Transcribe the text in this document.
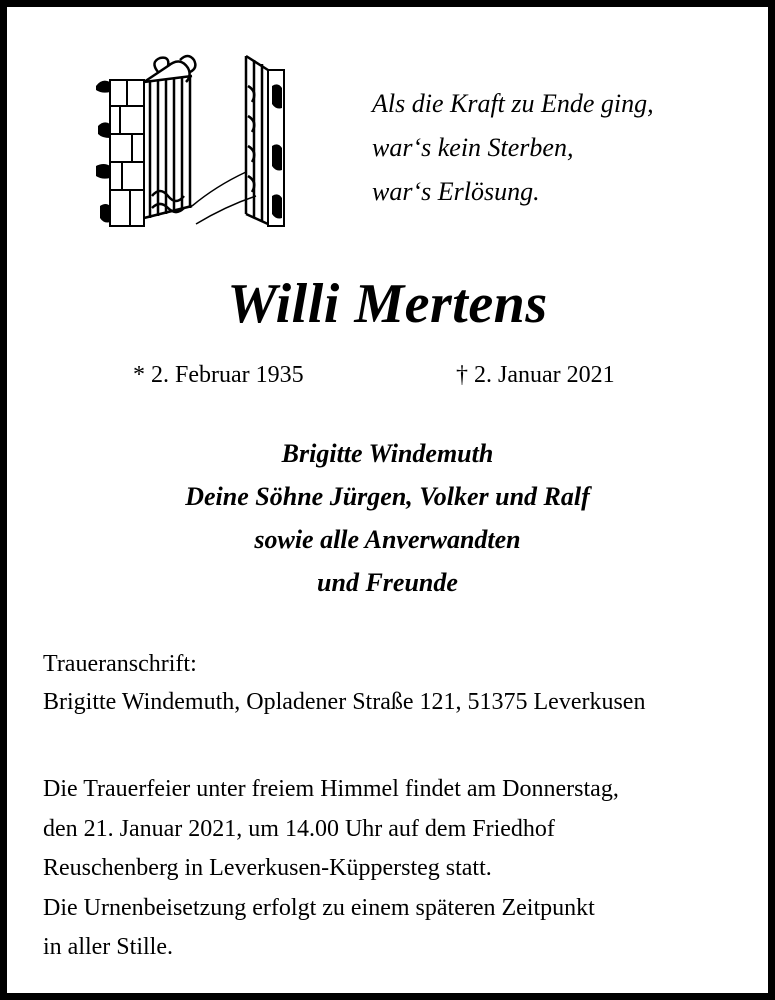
Als die Kraft zu Ende ging,
war‘s kein Sterben,
war‘s Erlösung.
Willi Mertens
* 2. Februar 1935	† 2. Januar 2021
Brigitte Windemuth
Deine Söhne Jürgen, Volker und Ralf
sowie alle Anverwandten
und Freunde
Traueranschrift:
Brigitte Windemuth, Opladener Straße 121, 51375 Leverkusen
Die Trauerfeier unter freiem Himmel findet am Donnerstag,
den 21. Januar 2021, um 14.00 Uhr auf dem Friedhof
Reuschenberg in Leverkusen-Küppersteg statt.
Die Urnenbeisetzung erfolgt zu einem späteren Zeitpunkt
in aller Stille.
